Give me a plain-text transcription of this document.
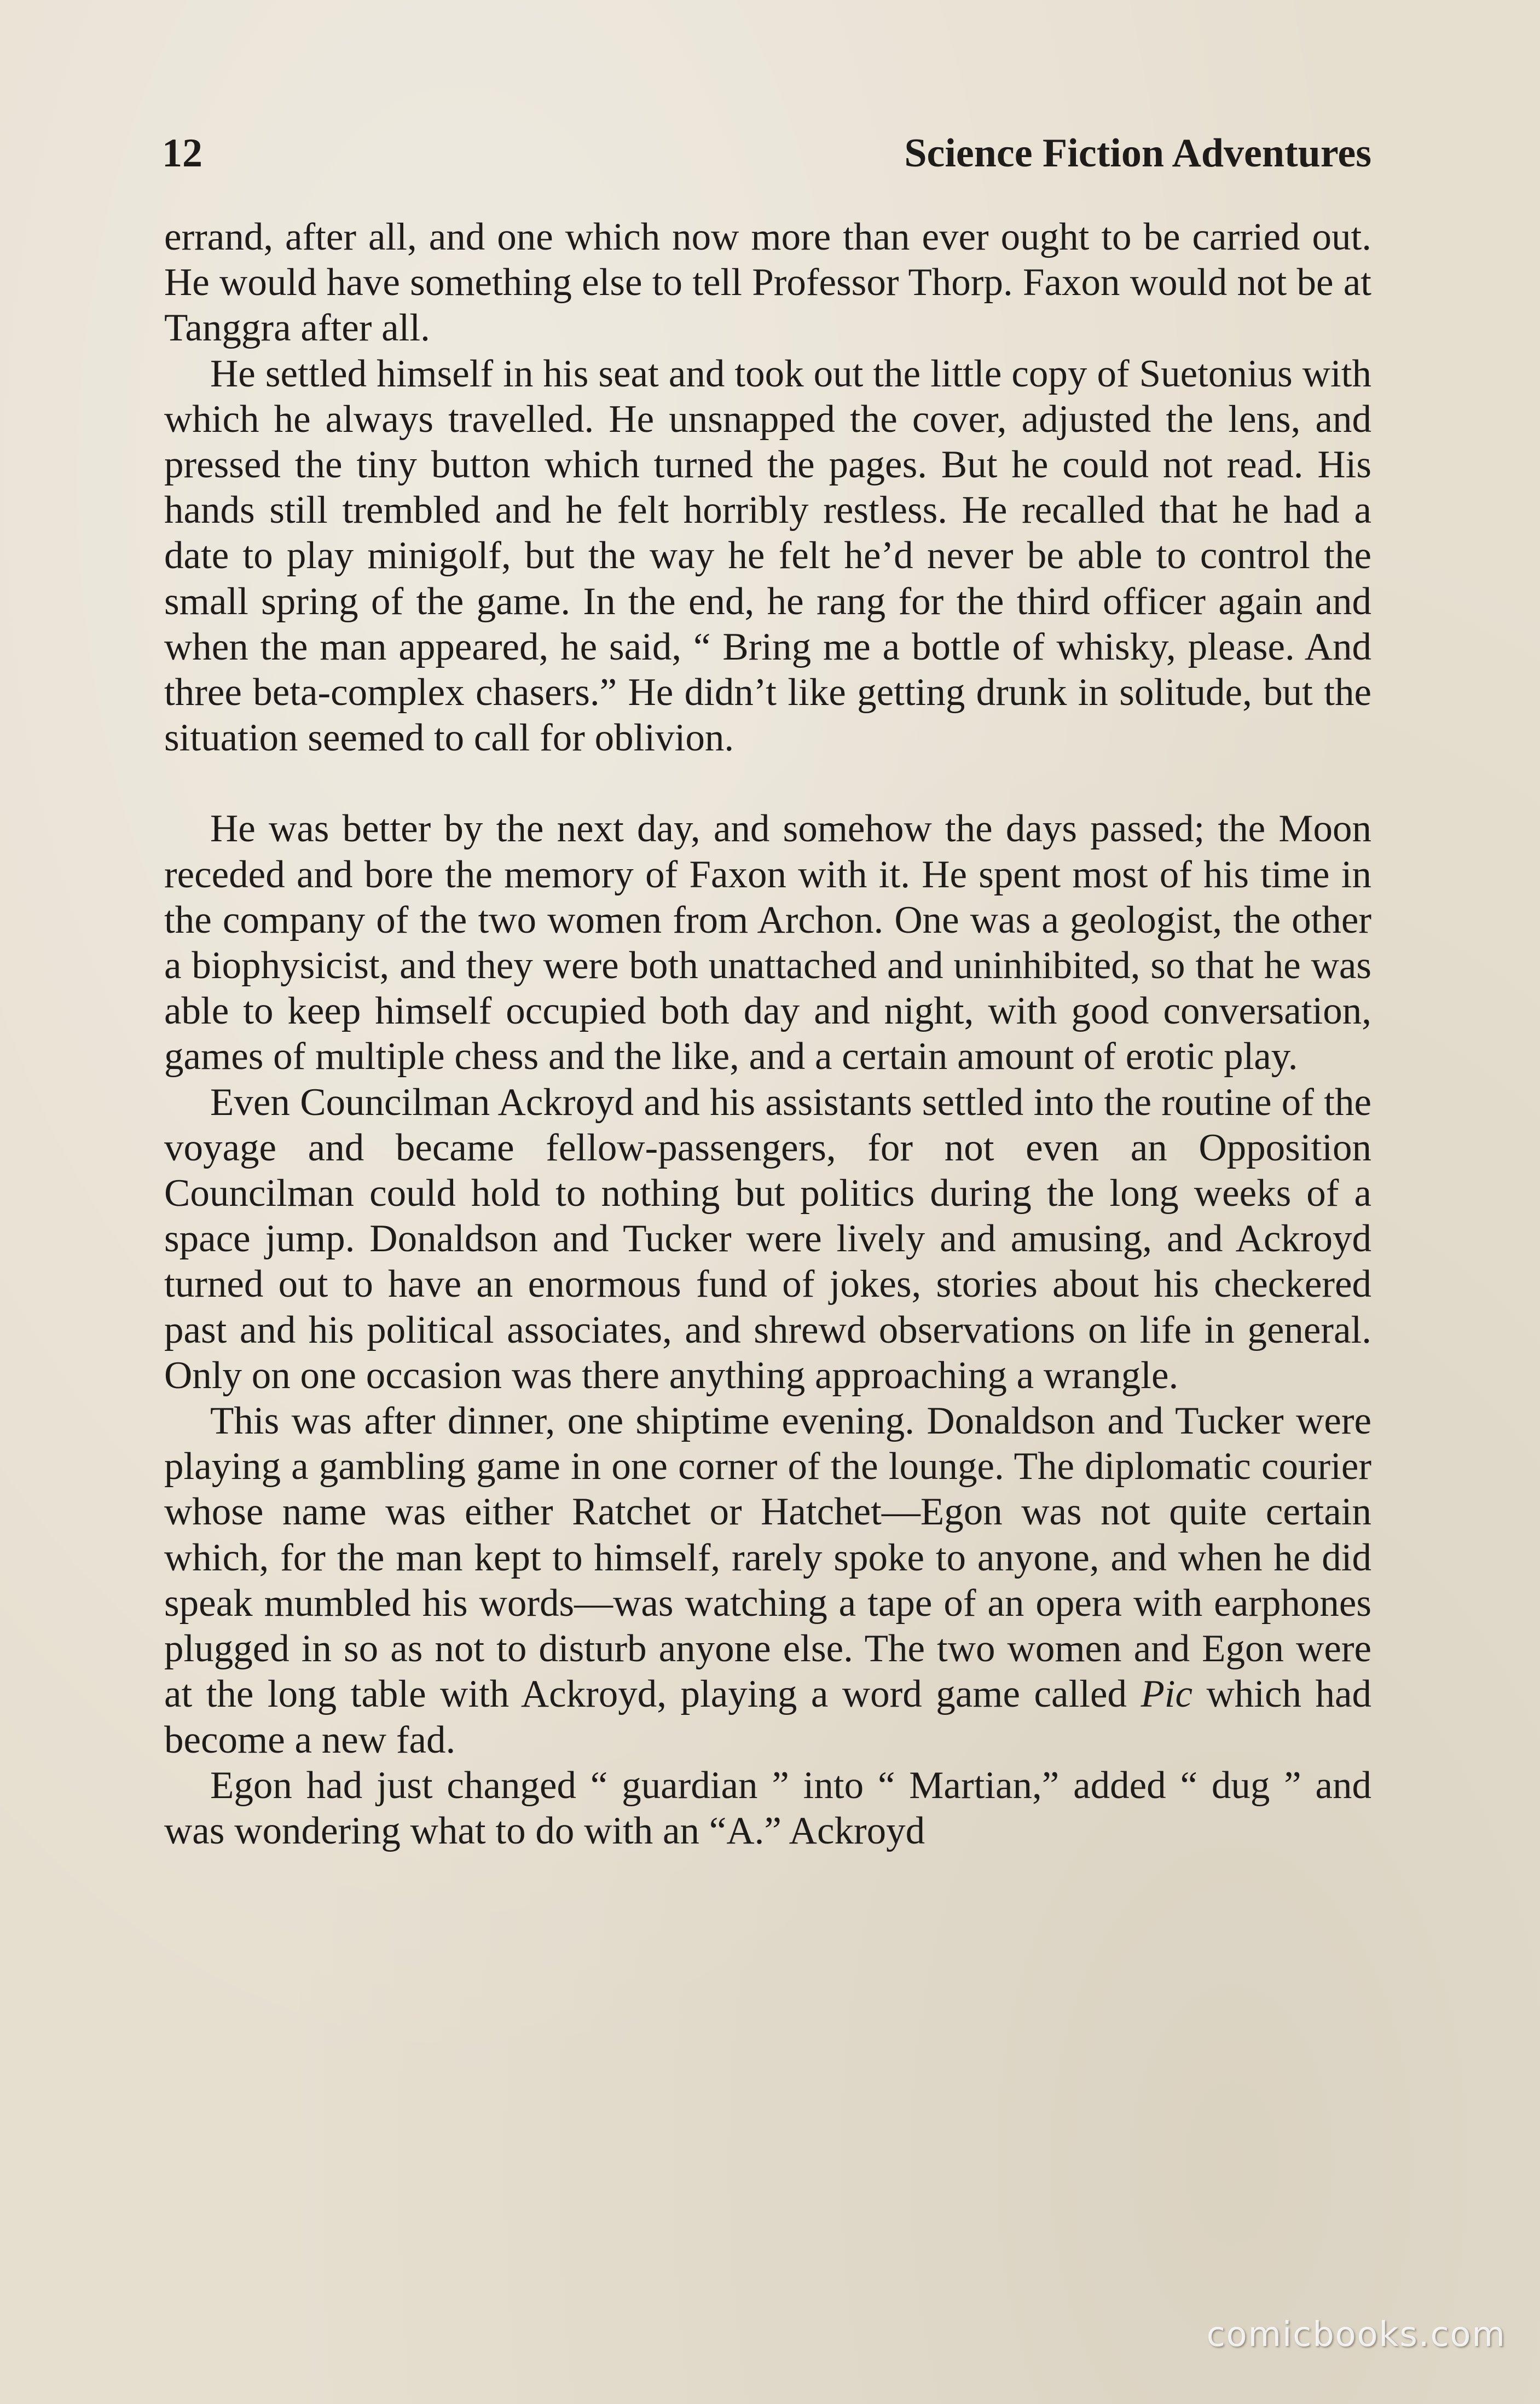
12	Science Fiction Adventures

errand, after all, and one which now more than ever ought to be carried out. He would have something else to tell Professor Thorp. Faxon would not be at Tanggra after all.

He settled himself in his seat and took out the little copy of Suetonius with which he always travelled. He unsnapped the cover, adjusted the lens, and pressed the tiny button which turned the pages. But he could not read. His hands still trembled and he felt horribly restless. He recalled that he had a date to play minigolf, but the way he felt he’d never be able to control the small spring of the game. In the end, he rang for the third officer again and when the man appeared, he said, “ Bring me a bottle of whisky, please. And three beta-complex chasers.” He didn’t like getting drunk in solitude, but the situation seemed to call for oblivion.

He was better by the next day, and somehow the days passed; the Moon receded and bore the memory of Faxon with it. He spent most of his time in the company of the two women from Archon. One was a geologist, the other a biophysicist, and they were both unattached and uninhibited, so that he was able to keep himself occupied both day and night, with good conversation, games of multiple chess and the like, and a certain amount of erotic play.

Even Councilman Ackroyd and his assistants settled into the routine of the voyage and became fellow-passengers, for not even an Opposition Councilman could hold to nothing but politics during the long weeks of a space jump. Donaldson and Tucker were lively and amusing, and Ackroyd turned out to have an enormous fund of jokes, stories about his checkered past and his political associates, and shrewd observations on life in general. Only on one occasion was there anything approaching a wrangle.

This was after dinner, one shiptime evening. Donaldson and Tucker were playing a gambling game in one corner of the lounge. The diplomatic courier whose name was either Ratchet or Hatchet—Egon was not quite certain which, for the man kept to himself, rarely spoke to anyone, and when he did speak mumbled his words—was watching a tape of an opera with earphones plugged in so as not to disturb anyone else. The two women and Egon were at the long table with Ackroyd, playing a word game called Pic which had become a new fad.

Egon had just changed “ guardian ” into “ Martian,” added “ dug ” and was wondering what to do with an “A.” Ackroyd

comicbooks.com
